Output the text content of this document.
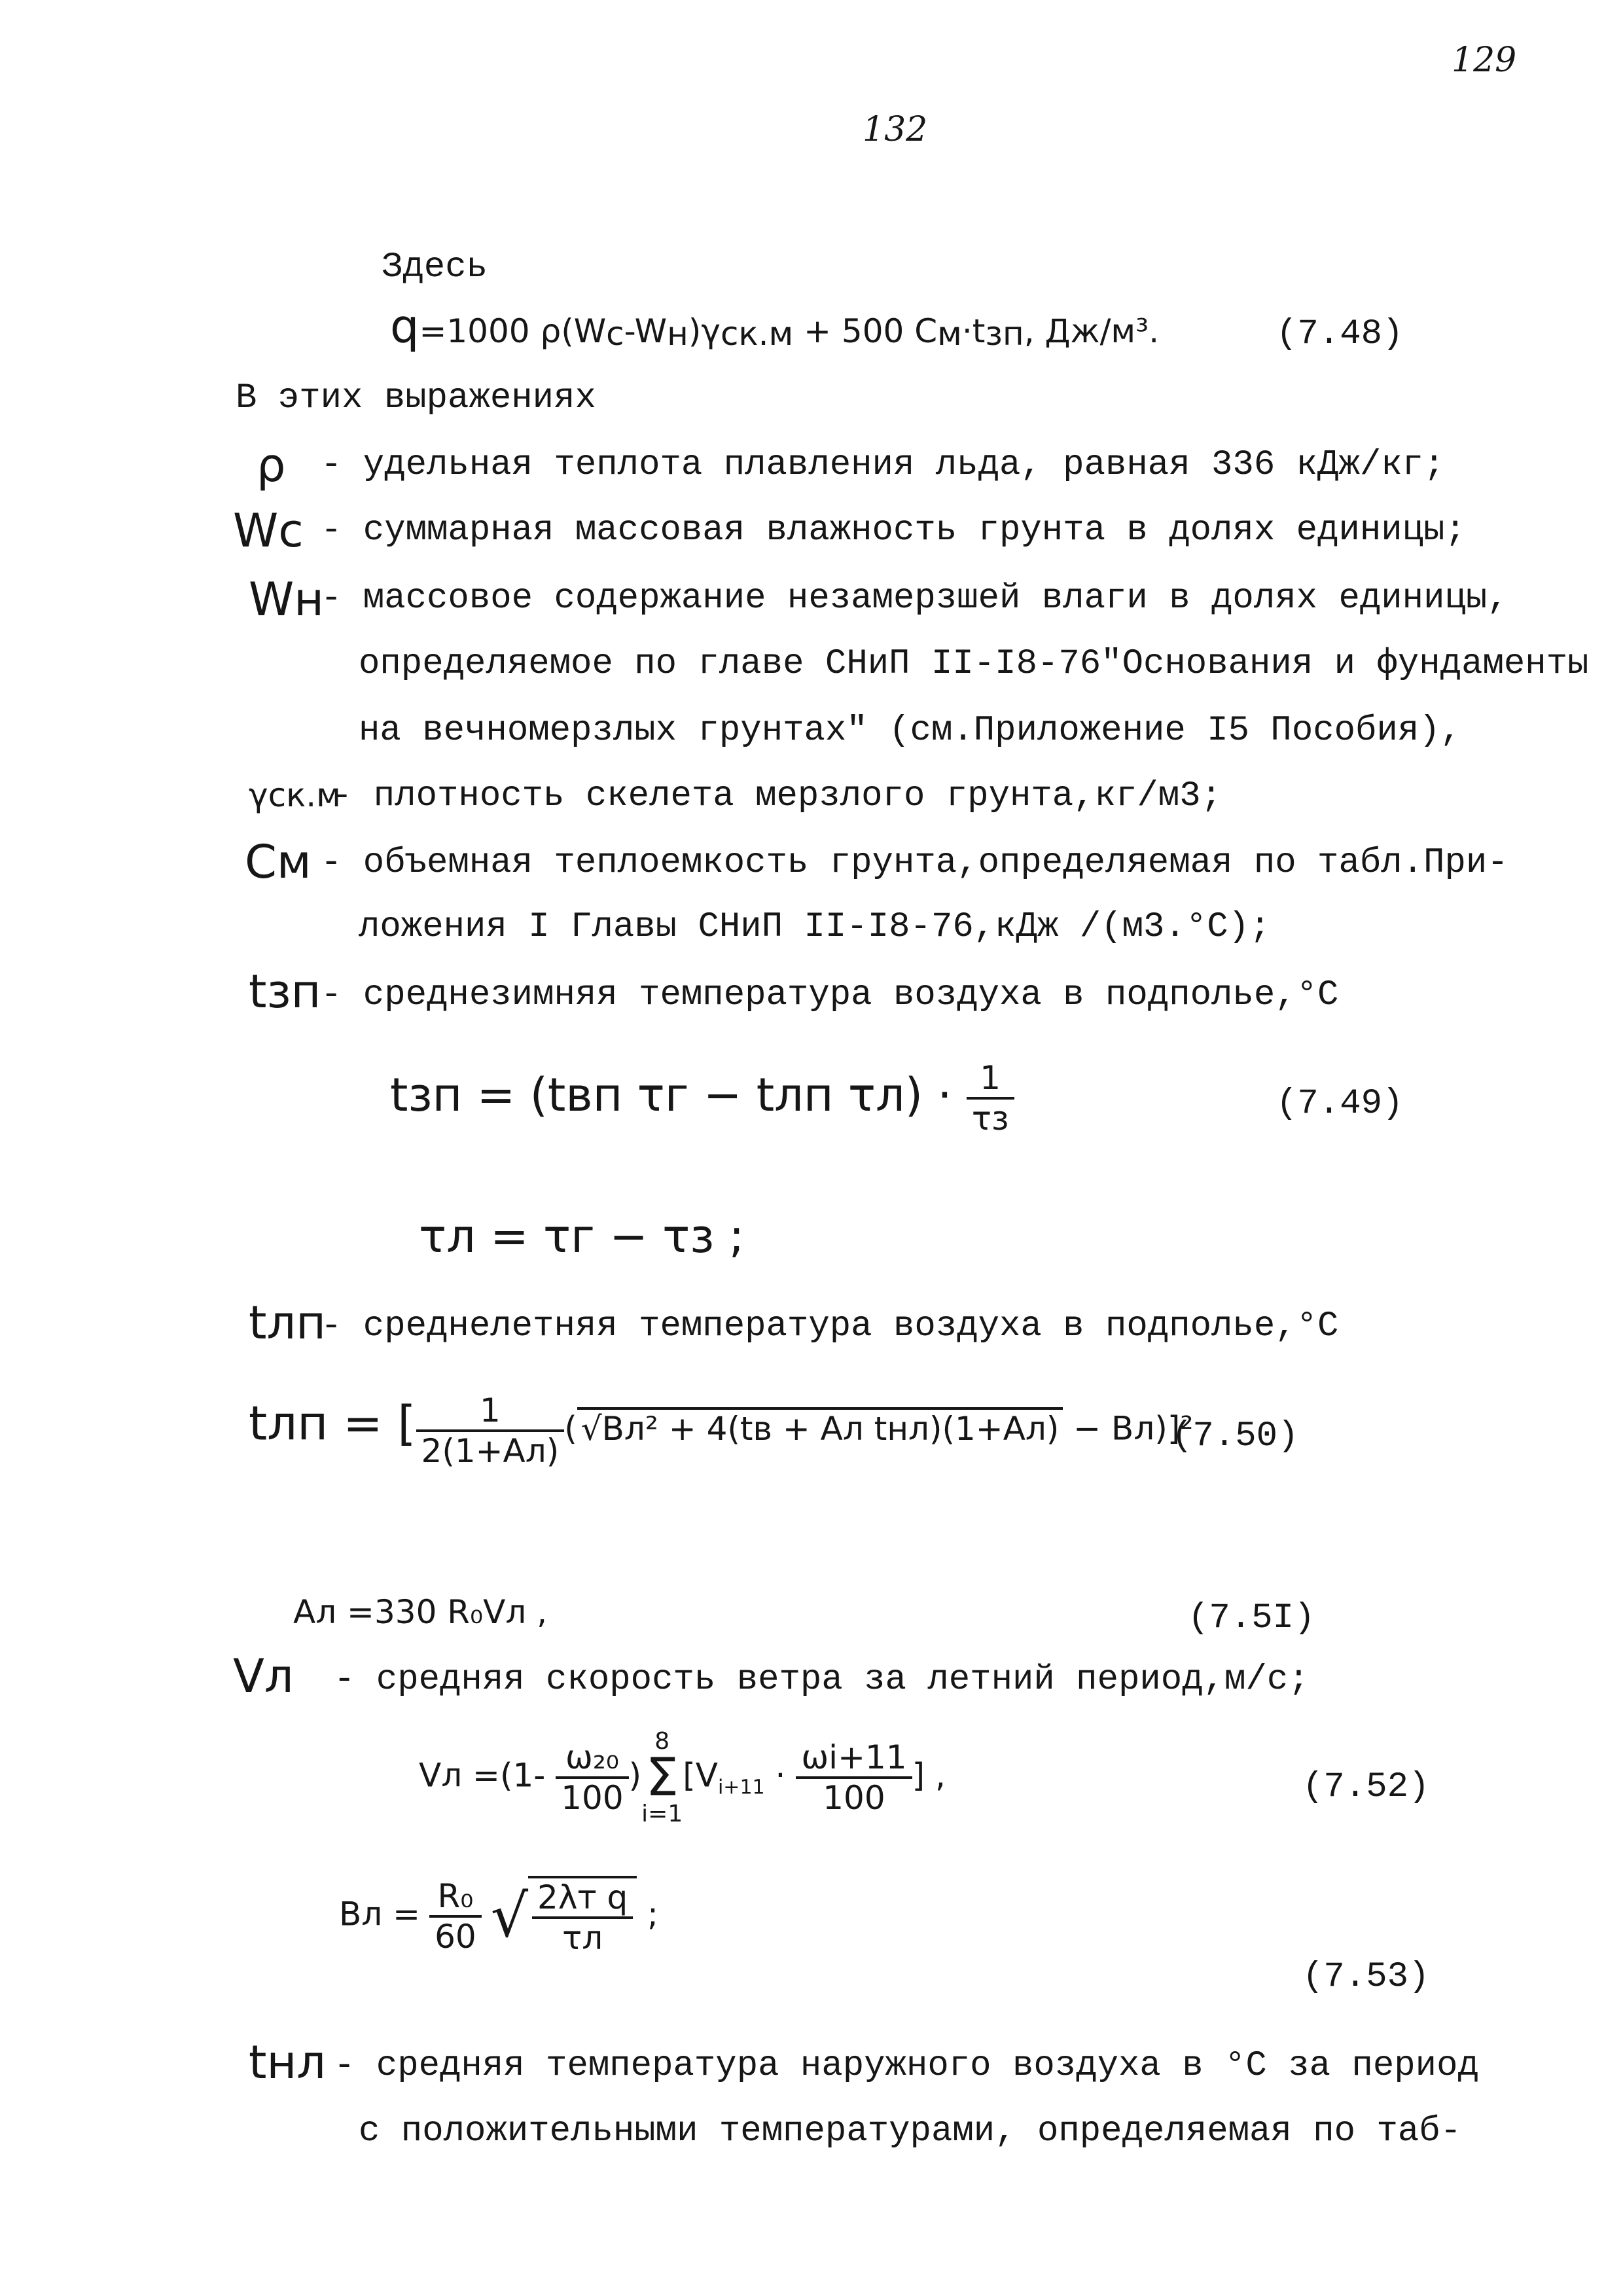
129
132
Здесь
q=1000 $\rho(W_c-W_н)\gamma_{ск.м} + 500$ $C_м\cdot t_{зп}$, Дж/м³.	(7.48)
В этих выражениях
ρ - удельная теплота плавления льда, равная 336 кДж/кг;
Wc - суммарная массовая влажность грунта в долях единицы;
Wн
- массовое содержание незамерзшей влаги в долях единицы,
определяемое по главе СНиП II-I8-76"Основания и фундаменты
на вечномерзлых грунтах" (см.Приложение I5 Пособия),
γск.м
- плотность скелета мерзлого грунта,кг/м3;
Cм - объемная теплоемкость грунта,определяемая по табл.При-
ложения I Главы СНиП II-I8-76,кДж /(м3.°C);
tзп - среднезимняя температура воздуха в подполье,°C
tзп = (tвп τг − tлп $\tau л) \cdot \frac{1}{\tau з}$	(7.49)
τл = τг − τз ;
tлп
- среднелетняя температура воздуха в подполье,°C
tлп = [ $\frac{1}{2(1+Aл)}$ ( √Bл² + 4(tв + Aл tнл)(1+Aл) − Bл)]²
(7.50)
Aл =330 R₀Vл ,	(7.5I)
Vл - средняя скорость ветра за летний период,м/с;
Vл $=(1- \frac{\text{ω₂₀}}{100}$ )
8
Σ
i=1
[$V_{i+11} \cdot \frac{\omega i+11}{100}$ ] ,	(7.52)
Bл = $\frac{\text{R₀}}{60}$ √ $\frac{\text{2λт q}}{\tau л}$ ;
(7.53)
tнл - средняя температура наружного воздуха в °C за период
с положительными температурами, определяемая по таб-
